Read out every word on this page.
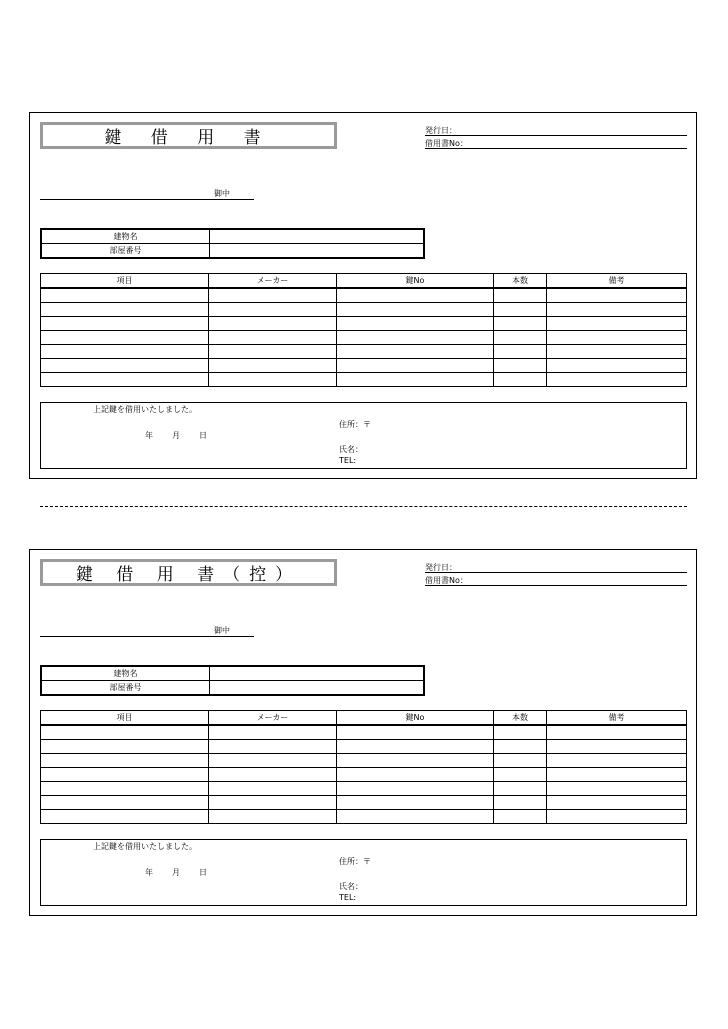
鍵 借 用 書	発行日：
借用書No：
御中
建物名	
部屋番号	
項目	メーカー	鍵No	本数	備考

上記鍵を借用いたしました。
年 月 日
住所：〒
氏名：
TEL:
鍵 借 用 書（控）	発行日：
借用書No：
御中
建物名	
部屋番号	
項目	メーカー	鍵No	本数	備考

上記鍵を借用いたしました。
年 月 日
住所：〒
氏名：
TEL:
